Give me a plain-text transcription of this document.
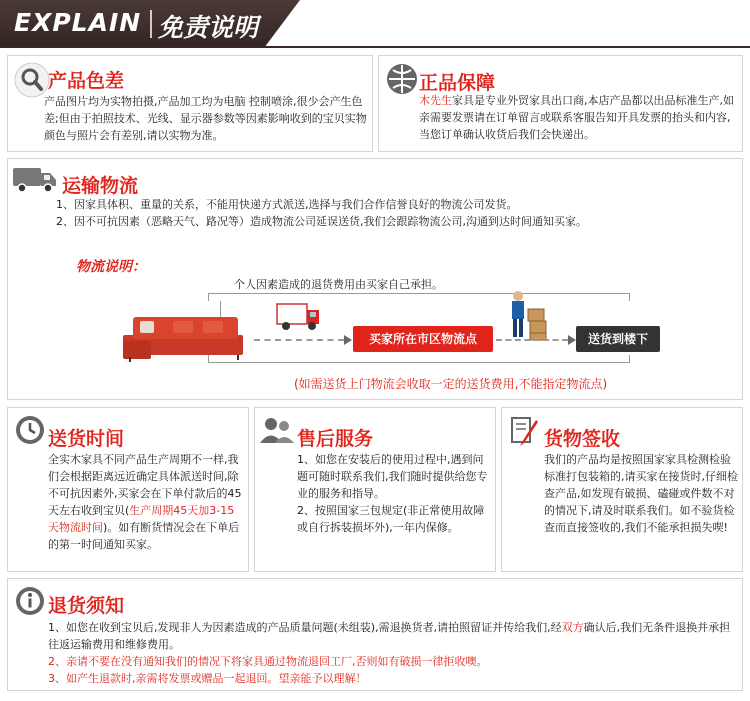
EXPLAIN 免责说明
产品色差
产品图片均为实物拍摄,产品加工均为电脑 控制喷涂,很少会产生色差;但由于拍照技术、光线、显示器参数等因素影响收到的宝贝实物颜色与照片会有差别,请以实物为准。
正品保障
木先生家具是专业外贸家具出口商,本店产品都以出品标准生产,如亲需要发票请在订单留言或联系客服告知开具发票的抬头和内容,当您订单确认收货后我们会快递出。
运输物流
1、因家具体积、重量的关系，不能用快递方式派送,选择与我们合作信誉良好的物流公司发货。
2、因不可抗因素（恶略天气、路况等）造成物流公司延误送货,我们会跟踪物流公司,沟通到达时间通知买家。
物流说明：
个人因素造成的退货费用由买家自己承担。
买家所在市区物流点	送货到楼下
(如需送货上门物流会收取一定的送货费用,不能指定物流点)
送货时间
全实木家具不同产品生产周期不一样,我们会根据距离远近确定具体派送时间,除不可抗因素外,买家会在下单付款后的45天左右收到宝贝(生产周期45天加3-15天物流时间)。如有断货情况会在下单后的第一时间通知买家。
售后服务
1、如您在安装后的使用过程中,遇到问题可随时联系我们,我们随时提供给您专业的服务和指导。
2、按照国家三包规定(非正常使用故障或自行拆装损坏外),一年内保修。
货物签收
我们的产品均是按照国家家具检测检验标准打包装箱的,请买家在接货时,仔细检查产品,如发现有破损、磕碰或件数不对的情况下,请及时联系我们。如不验货检查而直接签收的,我们不能承担损失喫!
退货须知
1、如您在收到宝贝后,发现非人为因素造成的产品质量问题(未组装),需退换货者,请拍照留证并传给我们,经双方确认后,我们无条件退换并承担往返运输费用和维修费用。
2、亲请不要在没有通知我们的情况下将家具通过物流退回工厂,否则如有破损一律拒收噢。
3、如产生退款时,亲需将发票或赠品一起退回。望亲能予以理解！
